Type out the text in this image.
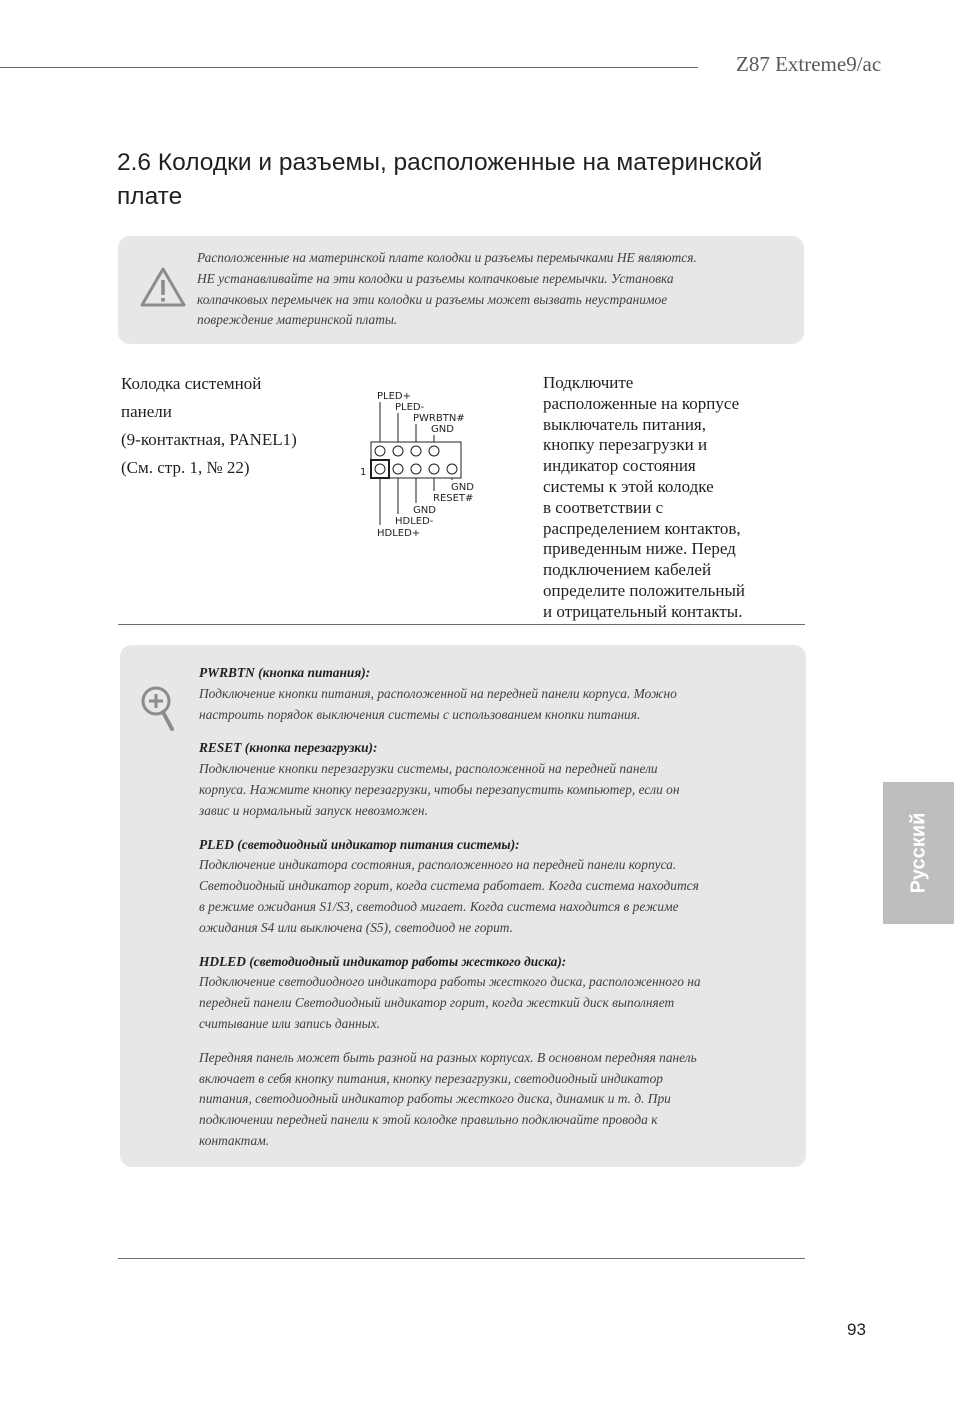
Z87 Extreme9/ac
2.6 Колодки и разъемы, расположенные на материнской плате
Расположенные на материнской плате колодки и разъемы перемычками НЕ являются.
НЕ устанавливайте на эти колодки и разъемы колпачковые перемычки. Установка
колпачковых перемычек на эти колодки и разъемы может вызвать неустранимое
повреждение материнской платы.
Колодка системной
панели
(9-контактная, PANEL1)
(См. стр. 1, № 22)
PLED+
PLED-
PWRBTN#
GND
1
GND
RESET#
GND
HDLED-
HDLED+
Подключите
расположенные на корпусе
выключатель питания,
кнопку перезагрузки и
индикатор состояния
системы к этой колодке
в соответствии с
распределением контактов,
приведенным ниже. Перед
подключением кабелей
определите положительный
и отрицательный контакты.
PWRBTN (кнопка питания):

Подключение кнопки питания, расположенной на передней панели корпуса. Можно

настроить порядок выключения системы с использованием кнопки питания.

RESET (кнопка перезагрузки):

Подключение кнопки перезагрузки системы, расположенной на передней панели

корпуса. Нажмите кнопку перезагрузки, чтобы перезапустить компьютер, если он

завис и нормальный запуск невозможен.

PLED (светодиодный индикатор питания системы):

Подключение индикатора состояния, расположенного на передней панели корпуса.

Светодиодный индикатор горит, когда система работает. Когда система находится

в режиме ожидания S1/S3, светодиод мигает. Когда система находится в режиме

ожидания S4 или выключена (S5), светодиод не горит.

HDLED (светодиодный индикатор работы жесткого диска):

Подключение светодиодного индикатора работы жесткого диска, расположенного на

передней панели Светодиодный индикатор горит, когда жесткий диск выполняет

считывание или запись данных.

Передняя панель может быть разной на разных корпусах. В основном передняя панель

включает в себя кнопку питания, кнопку перезагрузки, светодиодный индикатор

питания, светодиодный индикатор работы жесткого диска, динамик и т. д. При

подключении передней панели к этой колодке правильно подключайте провода к

контактам.

Русский
93
